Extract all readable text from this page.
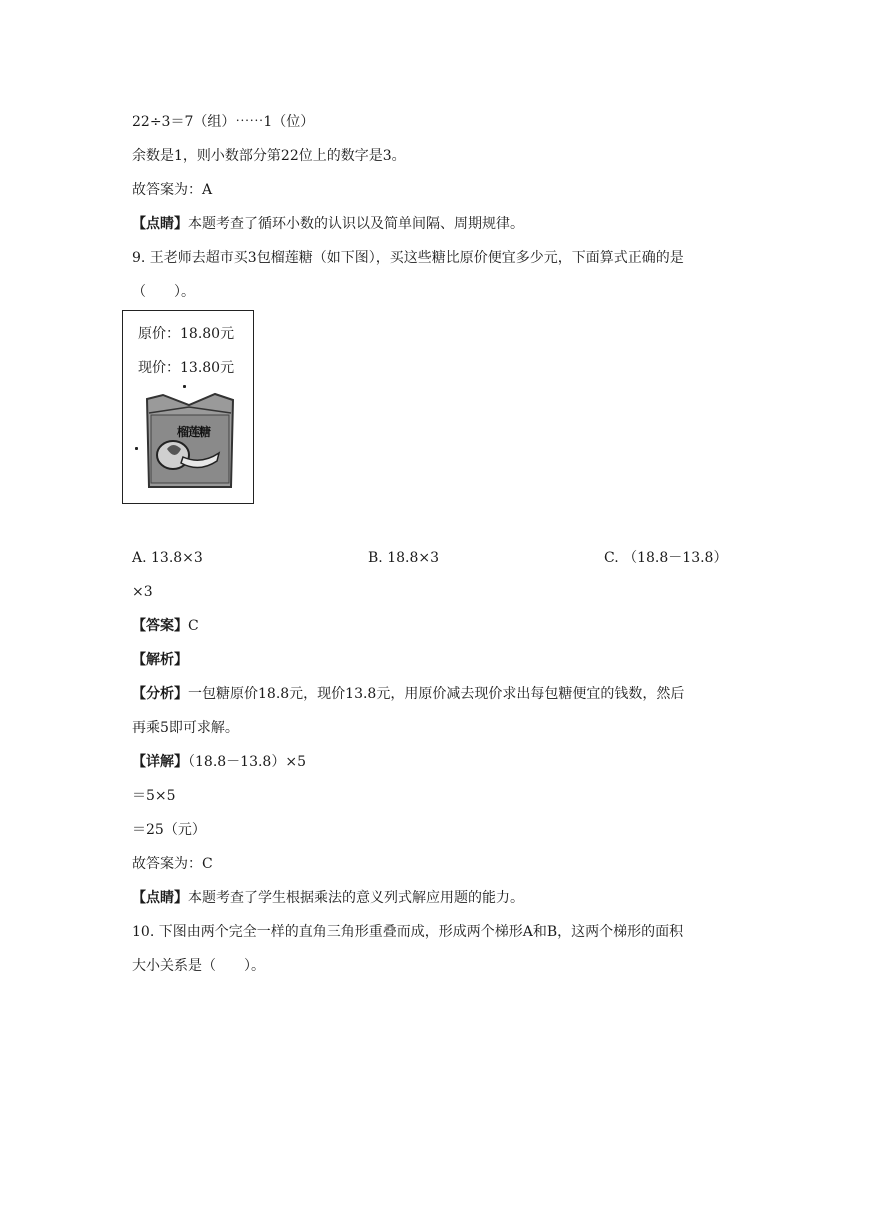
22÷3＝7（组）⋯⋯1（位）
余数是1，则小数部分第22位上的数字是3。
故答案为：A
【点睛】本题考查了循环小数的认识以及简单间隔、周期规律。
9. 王老师去超市买3包榴莲糖（如下图），买这些糖比原价便宜多少元，下面算式正确的是
（　　）。
原价：18.80元
现价：13.80元
榴莲糖
A. 13.8×3	B. 18.8×3	C. （18.8－13.8）
×3
【答案】C
【解析】
【分析】一包糖原价18.8元，现价13.8元，用原价减去现价求出每包糖便宜的钱数，然后
再乘5即可求解。
【详解】（18.8－13.8）×5
＝5×5
＝25（元）
故答案为：C
【点睛】本题考查了学生根据乘法的意义列式解应用题的能力。
10. 下图由两个完全一样的直角三角形重叠而成，形成两个梯形A和B，这两个梯形的面积
大小关系是（　　）。
